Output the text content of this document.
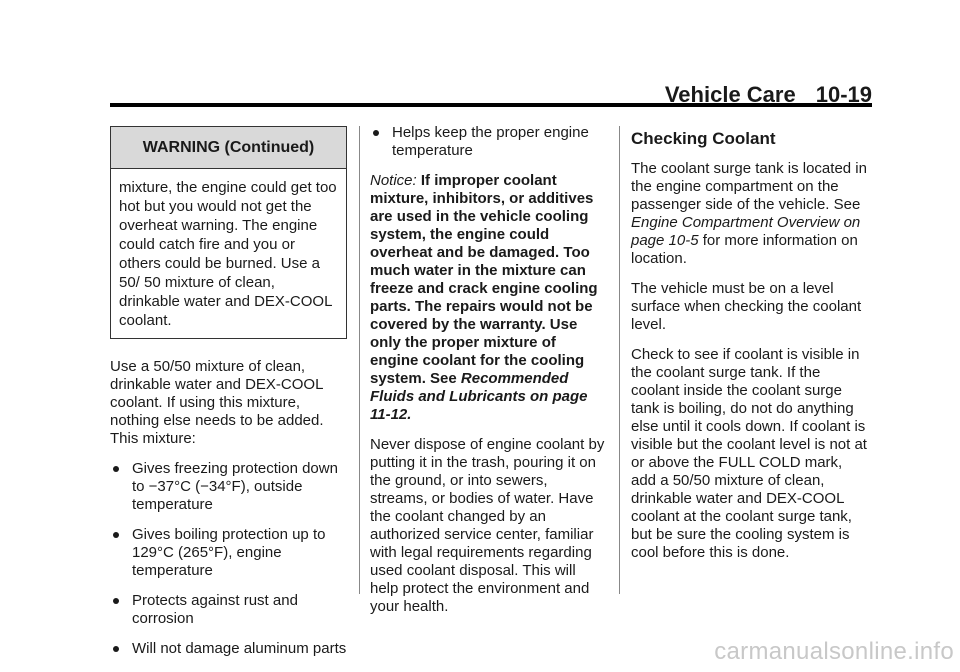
Vehicle Care 10-19
WARNING (Continued)
mixture, the engine could get too hot but you would not get the overheat warning. The engine could catch fire and you or others could be burned. Use a 50/ 50 mixture of clean, drinkable water and DEX-COOL coolant.

Use a 50/50 mixture of clean, drinkable water and DEX-COOL coolant. If using this mixture, nothing else needs to be added. This mixture:

Gives freezing protection down to −37°C (−34°F), outside temperature
Gives boiling protection up to 129°C (265°F), engine temperature
Protects against rust and corrosion
Will not damage aluminum parts
Helps keep the proper engine temperature

Notice: If improper coolant mixture, inhibitors, or additives are used in the vehicle cooling system, the engine could overheat and be damaged. Too much water in the mixture can freeze and crack engine cooling parts. The repairs would not be covered by the warranty. Use only the proper mixture of engine coolant for the cooling system. See Recommended Fluids and Lubricants on page 11-12.

Never dispose of engine coolant by putting it in the trash, pouring it on the ground, or into sewers, streams, or bodies of water. Have the coolant changed by an authorized service center, familiar with legal requirements regarding used coolant disposal. This will help protect the environment and your health.

Checking Coolant

The coolant surge tank is located in the engine compartment on the passenger side of the vehicle. See Engine Compartment Overview on page 10-5 for more information on location.

The vehicle must be on a level surface when checking the coolant level.

Check to see if coolant is visible in the coolant surge tank. If the coolant inside the coolant surge tank is boiling, do not do anything else until it cools down. If coolant is visible but the coolant level is not at or above the FULL COLD mark, add a 50/50 mixture of clean, drinkable water and DEX-COOL coolant at the coolant surge tank, but be sure the cooling system is cool before this is done.

carmanualsonline.info
